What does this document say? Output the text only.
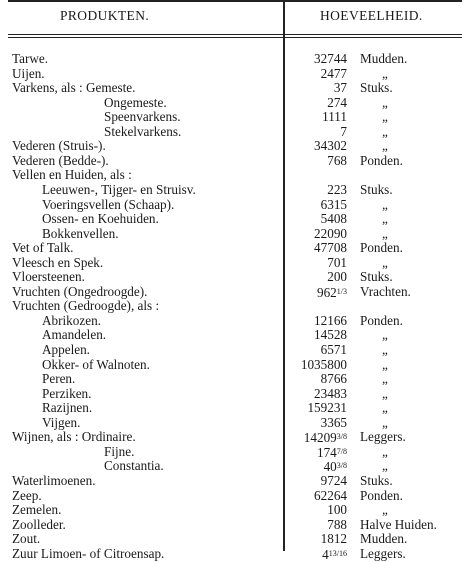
PRODUKTEN.	HOEVEELHEID.
Tarwe.	32744 Mudden.
Uijen.	2477	„
Varkens, als : Gemeste.	37 Stuks.
Ongemeste.	274	„
Speenvarkens.	1111	„
Stekelvarkens.	7	„
Vederen (Struis-).	34302	„
Vederen (Bedde-).	768 Ponden.
Vellen en Huiden, als :
Leeuwen-, Tijger- en Struisv.	223 Stuks.
Voeringsvellen (Schaap).	6315	„
Ossen- en Koehuiden.	5408	„
Bokkenvellen.	22090	„
Vet of Talk.	47708 Ponden.
Vleesch en Spek.	701	„
Vloersteenen.	200 Stuks.
Vruchten (Ongedroogde).	$962^{1/3}$ Vrachten.
Vruchten (Gedroogde), als :
Abrikozen.	12166 Ponden.
Amandelen.	14528	„
Appelen.	6571	„
Okker- of Walnoten.	1035800	„
Peren.	8766	„
Perziken.	23483	„
Razijnen.	159231	„
Vijgen.	3365	„
Wijnen, als : Ordinaire.	$14209^{3/8}$ Leggers.
Fijne.	$174^{7/8}$	„
Constantia.	$40^{3/8}$	„
Waterlimoenen.	9724 Stuks.
Zeep.	62264 Ponden.
Zemelen.	100	„
Zoolleder.	788 Halve Huiden.
Zout.	1812 Mudden.
Zuur Limoen- of Citroensap.	$4^{13/16}$ Leggers.
